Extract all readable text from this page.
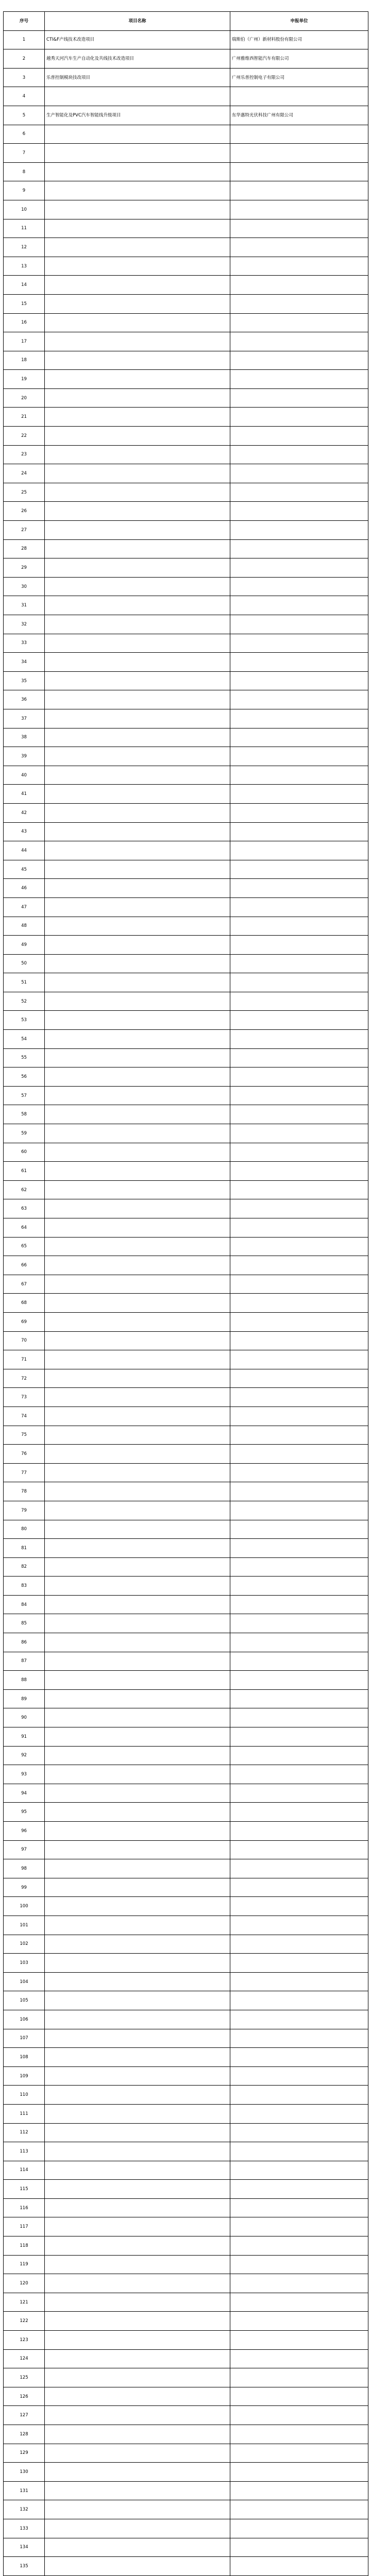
序号	项目名称	申报单位
1	CTI&F产线技术改造项目	瑞斯伯（广州）新材料股份有限公司
2	越秀天河汽车生产自动化及共线技术改造项目	广州雅维西智能汽车有限公司
3	乐普控制模块技改项目	广州乐普控制电子有限公司
4		
5	生产智能化及PVC汽车智能线升级项目	东华惠特光伏科技广州有限公司
6		
7		
8		
9		
10		
11		
12		
13		
14		
15		
16		
17		
18		
19		
20		
21		
22		
23		
24		
25		
26		
27		
28		
29		
30		
31		
32		
33		
34		
35		
36		
37		
38		
39		
40		
41		
42		
43		
44		
45		
46		
47		
48		
49		
50		
51		
52		
53		
54		
55		
56		
57		
58		
59		
60		
61		
62		
63		
64		
65		
66		
67		
68		
69		
70		
71		
72		
73		
74		
75		
76		
77		
78		
79		
80		
81		
82		
83		
84		
85		
86		
87		
88		
89		
90		
91		
92		
93		
94		
95		
96		
97		
98		
99		
100		
101		
102		
103		
104		
105		
106		
107		
108		
109		
110		
111		
112		
113		
114		
115		
116		
117		
118		
119		
120		
121		
122		
123		
124		
125		
126		
127		
128		
129		
130		
131		
132		
133		
134		
135		
